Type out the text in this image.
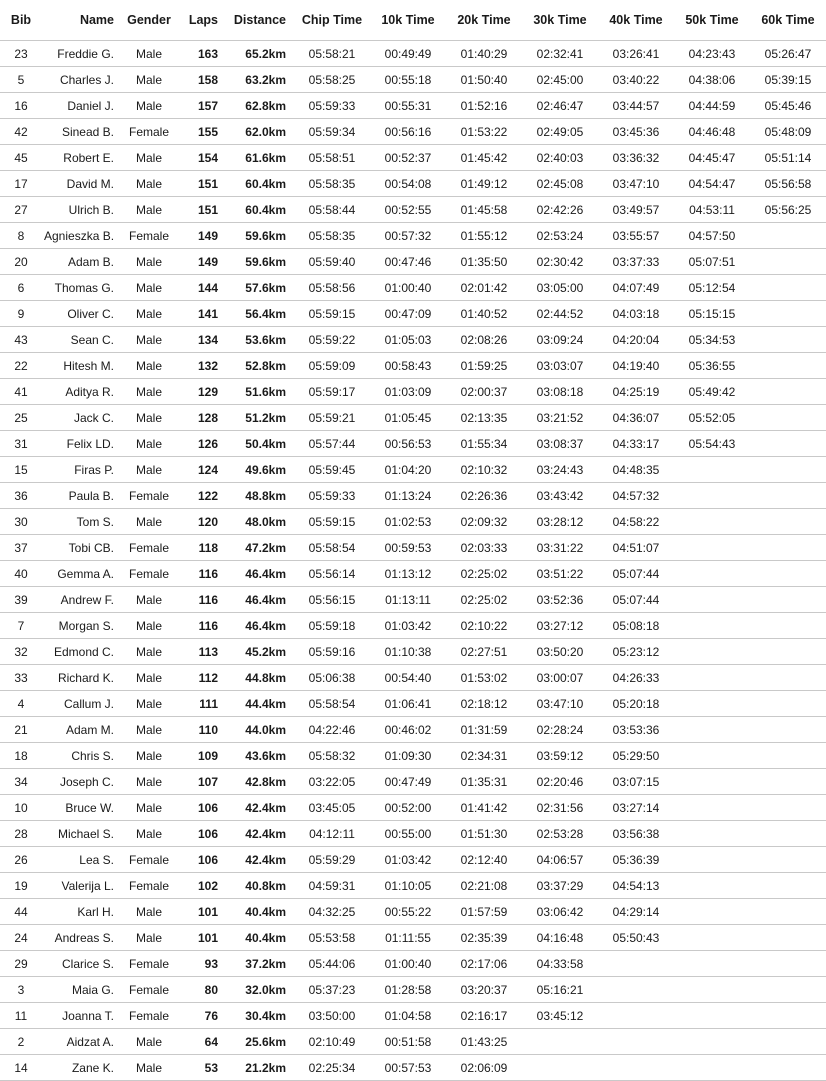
Bib	Name	Gender	Laps	Distance	Chip Time	10k Time	20k Time	30k Time	40k Time	50k Time	60k Time
23	Freddie G.	Male	163	65.2km	05:58:21	00:49:49	01:40:29	02:32:41	03:26:41	04:23:43	05:26:47
5	Charles J.	Male	158	63.2km	05:58:25	00:55:18	01:50:40	02:45:00	03:40:22	04:38:06	05:39:15
16	Daniel J.	Male	157	62.8km	05:59:33	00:55:31	01:52:16	02:46:47	03:44:57	04:44:59	05:45:46
42	Sinead B.	Female	155	62.0km	05:59:34	00:56:16	01:53:22	02:49:05	03:45:36	04:46:48	05:48:09
45	Robert E.	Male	154	61.6km	05:58:51	00:52:37	01:45:42	02:40:03	03:36:32	04:45:47	05:51:14
17	David M.	Male	151	60.4km	05:58:35	00:54:08	01:49:12	02:45:08	03:47:10	04:54:47	05:56:58
27	Ulrich B.	Male	151	60.4km	05:58:44	00:52:55	01:45:58	02:42:26	03:49:57	04:53:11	05:56:25
8	Agnieszka B.	Female	149	59.6km	05:58:35	00:57:32	01:55:12	02:53:24	03:55:57	04:57:50	
20	Adam B.	Male	149	59.6km	05:59:40	00:47:46	01:35:50	02:30:42	03:37:33	05:07:51	
6	Thomas G.	Male	144	57.6km	05:58:56	01:00:40	02:01:42	03:05:00	04:07:49	05:12:54	
9	Oliver C.	Male	141	56.4km	05:59:15	00:47:09	01:40:52	02:44:52	04:03:18	05:15:15	
43	Sean C.	Male	134	53.6km	05:59:22	01:05:03	02:08:26	03:09:24	04:20:04	05:34:53	
22	Hitesh M.	Male	132	52.8km	05:59:09	00:58:43	01:59:25	03:03:07	04:19:40	05:36:55	
41	Aditya R.	Male	129	51.6km	05:59:17	01:03:09	02:00:37	03:08:18	04:25:19	05:49:42	
25	Jack C.	Male	128	51.2km	05:59:21	01:05:45	02:13:35	03:21:52	04:36:07	05:52:05	
31	Felix LD.	Male	126	50.4km	05:57:44	00:56:53	01:55:34	03:08:37	04:33:17	05:54:43	
15	Firas P.	Male	124	49.6km	05:59:45	01:04:20	02:10:32	03:24:43	04:48:35		
36	Paula B.	Female	122	48.8km	05:59:33	01:13:24	02:26:36	03:43:42	04:57:32		
30	Tom S.	Male	120	48.0km	05:59:15	01:02:53	02:09:32	03:28:12	04:58:22		
37	Tobi CB.	Female	118	47.2km	05:58:54	00:59:53	02:03:33	03:31:22	04:51:07		
40	Gemma A.	Female	116	46.4km	05:56:14	01:13:12	02:25:02	03:51:22	05:07:44		
39	Andrew F.	Male	116	46.4km	05:56:15	01:13:11	02:25:02	03:52:36	05:07:44		
7	Morgan S.	Male	116	46.4km	05:59:18	01:03:42	02:10:22	03:27:12	05:08:18		
32	Edmond C.	Male	113	45.2km	05:59:16	01:10:38	02:27:51	03:50:20	05:23:12		
33	Richard K.	Male	112	44.8km	05:06:38	00:54:40	01:53:02	03:00:07	04:26:33		
4	Callum J.	Male	111	44.4km	05:58:54	01:06:41	02:18:12	03:47:10	05:20:18		
21	Adam M.	Male	110	44.0km	04:22:46	00:46:02	01:31:59	02:28:24	03:53:36		
18	Chris S.	Male	109	43.6km	05:58:32	01:09:30	02:34:31	03:59:12	05:29:50		
34	Joseph C.	Male	107	42.8km	03:22:05	00:47:49	01:35:31	02:20:46	03:07:15		
10	Bruce W.	Male	106	42.4km	03:45:05	00:52:00	01:41:42	02:31:56	03:27:14		
28	Michael S.	Male	106	42.4km	04:12:11	00:55:00	01:51:30	02:53:28	03:56:38		
26	Lea S.	Female	106	42.4km	05:59:29	01:03:42	02:12:40	04:06:57	05:36:39		
19	Valerija L.	Female	102	40.8km	04:59:31	01:10:05	02:21:08	03:37:29	04:54:13		
44	Karl H.	Male	101	40.4km	04:32:25	00:55:22	01:57:59	03:06:42	04:29:14		
24	Andreas S.	Male	101	40.4km	05:53:58	01:11:55	02:35:39	04:16:48	05:50:43		
29	Clarice S.	Female	93	37.2km	05:44:06	01:00:40	02:17:06	04:33:58			
3	Maia G.	Female	80	32.0km	05:37:23	01:28:58	03:20:37	05:16:21			
11	Joanna T.	Female	76	30.4km	03:50:00	01:04:58	02:16:17	03:45:12			
2	Aidzat A.	Male	64	25.6km	02:10:49	00:51:58	01:43:25				
14	Zane K.	Male	53	21.2km	02:25:34	00:57:53	02:06:09				
